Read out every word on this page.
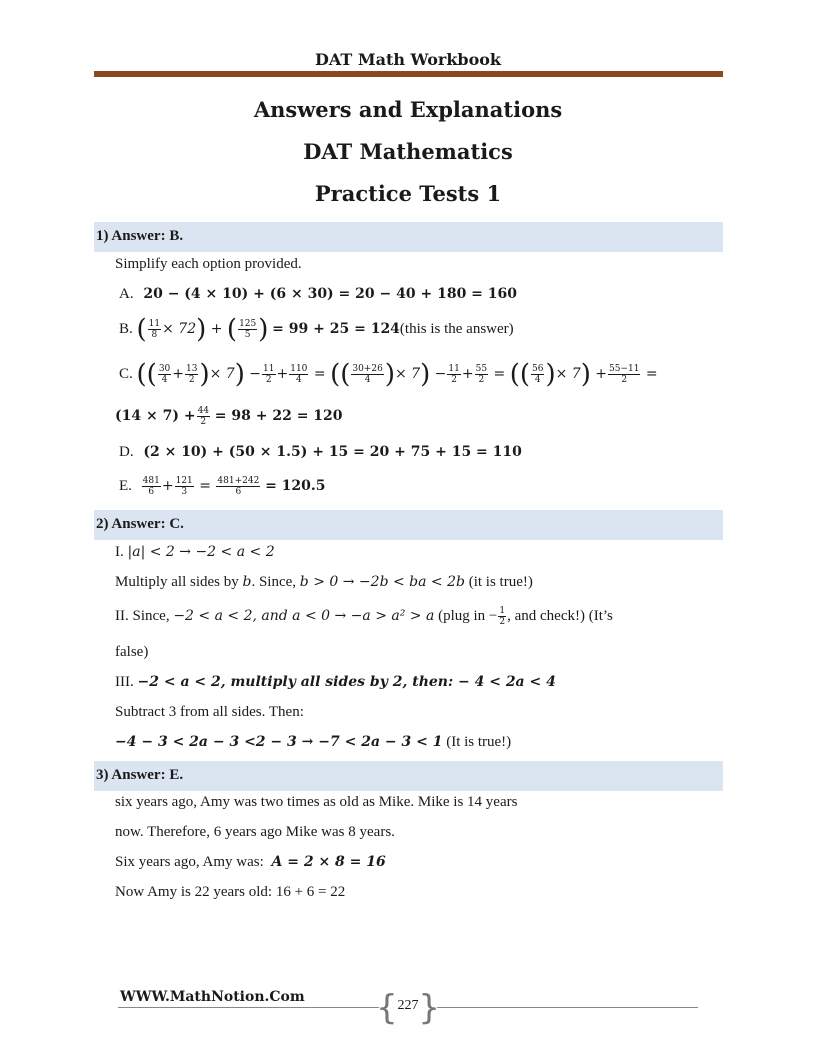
DAT Math Workbook
Answers and Explanations
DAT Mathematics
Practice Tests 1
1) Answer: B.
Simplify each option provided.
A. 20 − (4 × 10) + (6 × 30) = 20 − 40 + 180 = 160
B. ( $\frac{11}{8} \times 72$) + ( $\frac{125}{5}$ ) = 99 + 25 = 124(this is the answer)
C. (( $\frac{30}{4} + \frac{13}{2}$ )× $7) - \frac{11}{2} + \frac{110}{4}$ = (( $\frac{30+26}{4}$ )× $7) - \frac{11}{2} + \frac{55}{2}$ = (( $\frac{56}{4}$ )× $7) + \frac{55-11}{2}$ =
$(14 \times 7) + \frac{44}{2} = 98 + 22 = 120$
D. (2 × 10) + (50 × 1.5) + 15 = 20 + 75 + 15 = 110
E. $\frac{481}{6} + \frac{121}{3} = \frac{481+242}{6} = 120.5$
2) Answer: C.
I. |a| < 2 → −2 < a < 2
Multiply all sides by b. Since, b > 0 → −2b < ba < 2b (it is true!)
II. Since, −2 < a < 2, and a < 0 → −a > a² > a (plug in − $\frac{1}{2}$ , and check!) (It’s
false)
III. −2 < a < 2, multiply all sides by 2, then: − 4 < 2a < 4
Subtract 3 from all sides. Then:
−4 − 3 < 2a − 3 <2 − 3 → −7 < 2a − 3 < 1 (It is true!)
3) Answer: E.
six years ago, Amy was two times as old as Mike. Mike is 14 years
now. Therefore, 6 years ago Mike was 8 years.
Six years ago, Amy was: A = 2 × 8 = 16
Now Amy is 22 years old: 16 + 6 = 22
WWW.MathNotion.Com
227
{ }
